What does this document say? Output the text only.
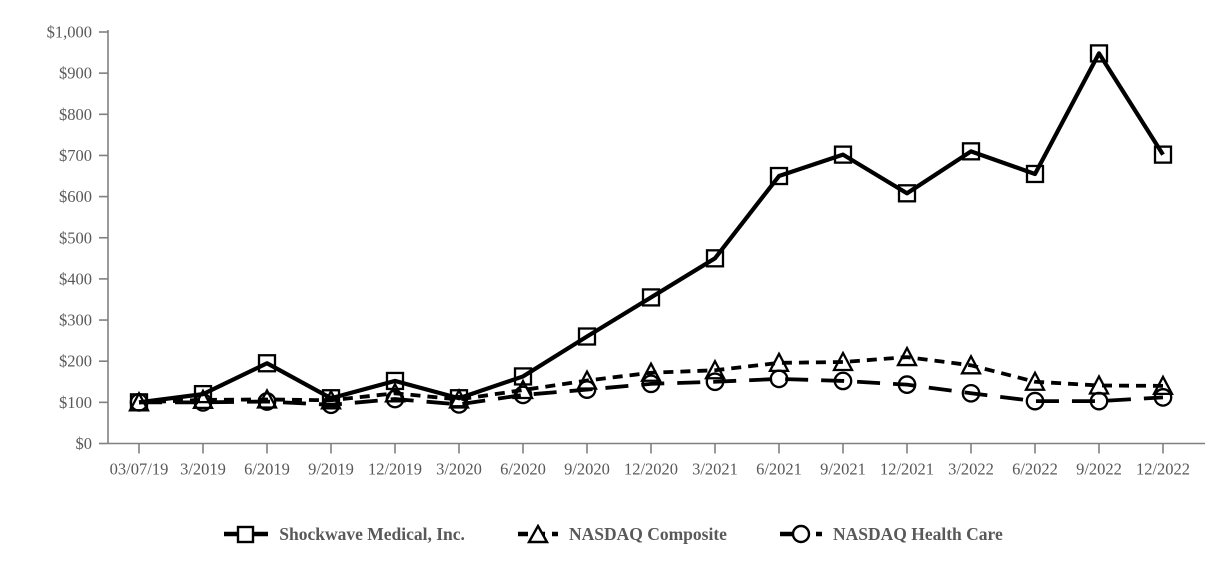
$0
$100
$200
$300
$400
$500
$600
$700
$800
$900
$1,000
03/07/19 3/2019 6/2019 9/2019 12/2019 3/2020 6/2020 9/2020 12/2020 3/2021 6/2021 9/2021 12/2021 3/2022 6/2022 9/2022 12/2022
Shockwave Medical, Inc.	NASDAQ Composite	NASDAQ Health Care
